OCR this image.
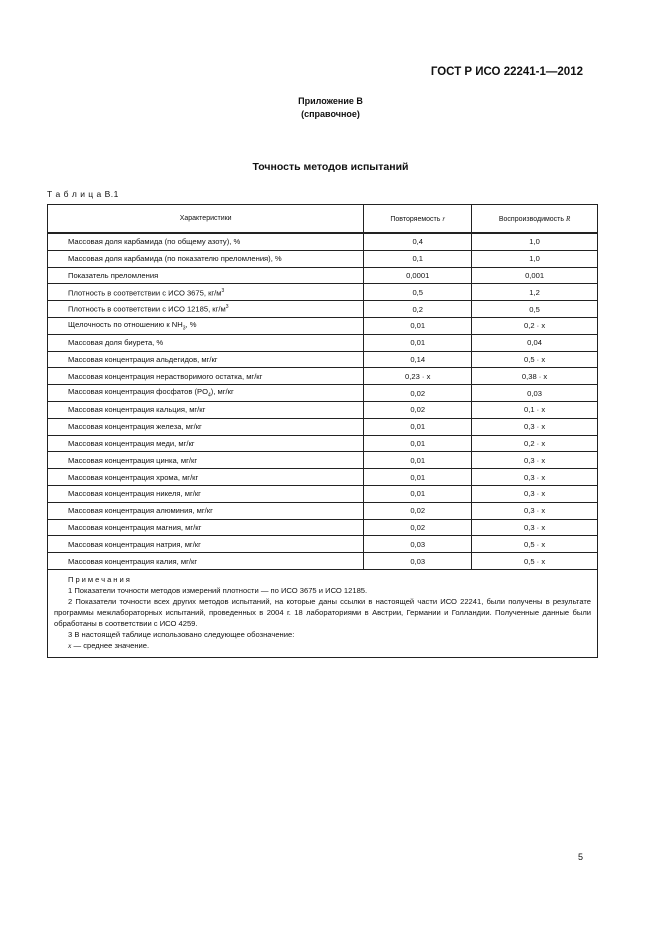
ГОСТ Р ИСО 22241-1—2012
Приложение В
(справочное)
Точность методов испытаний
Т а б л и ц а В.1
Характеристики	Повторяемость r	Воспроизводимость R
Массовая доля карбамида (по общему азоту), %	0,4	1,0
Массовая доля карбамида (по показателю преломления), %	0,1	1,0
Показатель преломления	0,0001	0,001
Плотность в соответствии с ИСО 3675, $кг/м^3$	0,5	1,2
Плотность в соответствии с ИСО 12185, $кг/м^3$	0,2	0,5
Щелочность по отношению к $NH_3$, %	0,01	0,2 · x
Массовая доля биурета, %	0,01	0,04
Массовая концентрация альдегидов, мг/кг	0,14	0,5 · x
Массовая концентрация нерастворимого остатка, мг/кг	0,23 · x	0,38 · x
Массовая концентрация фосфатов $(PO_4)$, мг/кг	0,02	0,03
Массовая концентрация кальция, мг/кг	0,02	0,1 · x
Массовая концентрация железа, мг/кг	0,01	0,3 · x
Массовая концентрация меди, мг/кг	0,01	0,2 · x
Массовая концентрация цинка, мг/кг	0,01	0,3 · x
Массовая концентрация хрома, мг/кг	0,01	0,3 · x
Массовая концентрация никеля, мг/кг	0,01	0,3 · x
Массовая концентрация алюминия, мг/кг	0,02	0,3 · x
Массовая концентрация магния, мг/кг	0,02	0,3 · x
Массовая концентрация натрия, мг/кг	0,03	0,5 · x
Массовая концентрация калия, мг/кг	0,03	0,5 · x

Примечания

1 Показатели точности методов измерений плотности — по ИСО 3675 и ИСО 12185.

2 Показатели точности всех других методов испытаний, на которые даны ссылки в настоящей части ИСО 22241, были получены в результате программы межлабораторных испытаний, проведенных в 2004 г. 18 лабораториями в Австрии, Германии и Голландии. Полученные данные были обработаны в соответствии с ИСО 4259.

3 В настоящей таблице использовано следующее обозначение:

x — среднее значение.		

5
